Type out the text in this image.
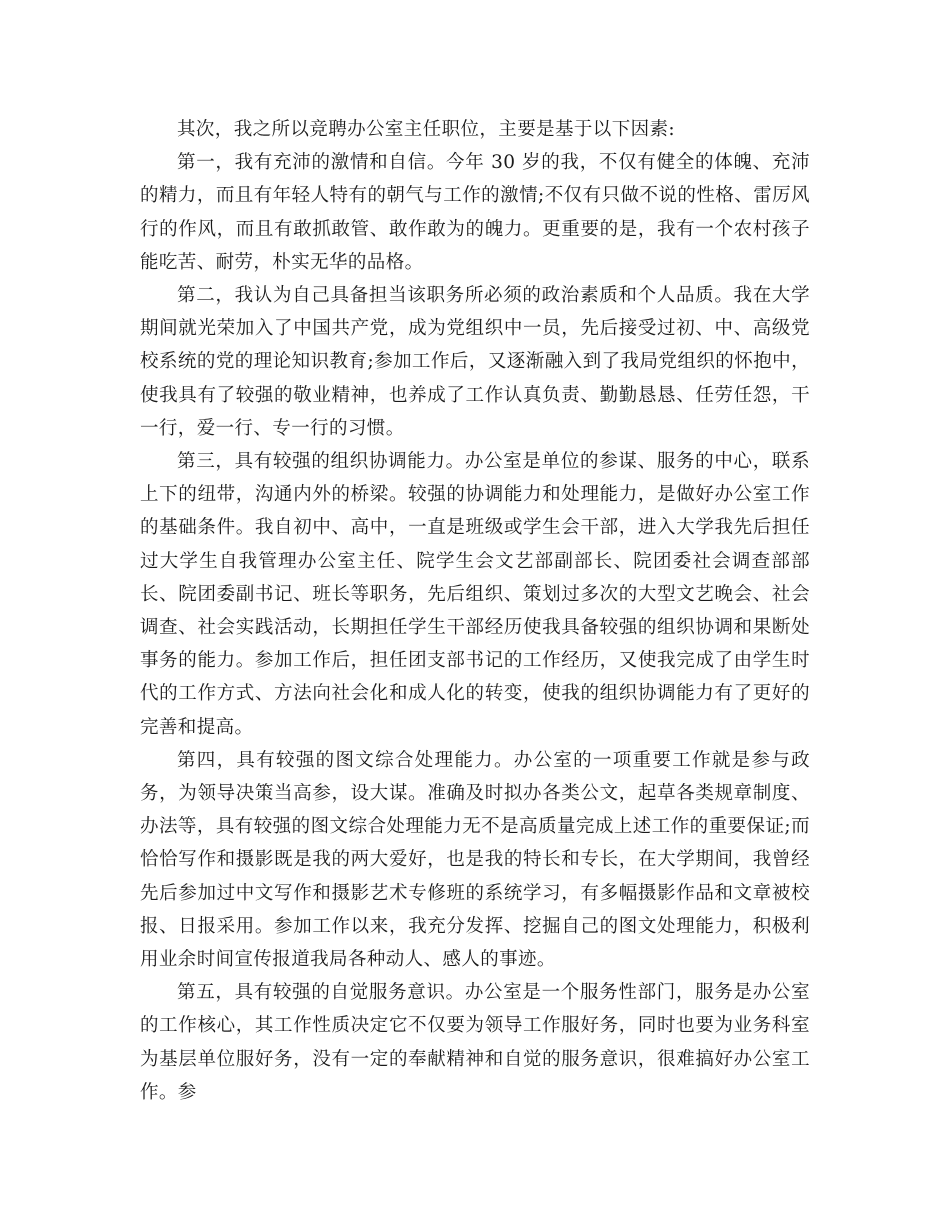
其次，我之所以竞聘办公室主任职位，主要是基于以下因素:

第一，我有充沛的激情和自信。今年 30 岁的我，不仅有健全的体魄、充沛的精力，而且有年轻人特有的朝气与工作的激情;不仅有只做不说的性格、雷厉风行的作风，而且有敢抓敢管、敢作敢为的魄力。更重要的是，我有一个农村孩子能吃苦、耐劳，朴实无华的品格。

第二，我认为自己具备担当该职务所必须的政治素质和个人品质。我在大学期间就光荣加入了中国共产党，成为党组织中一员，先后接受过初、中、高级党校系统的党的理论知识教育;参加工作后，又逐渐融入到了我局党组织的怀抱中，使我具有了较强的敬业精神，也养成了工作认真负责、勤勤恳恳、任劳任怨，干一行，爱一行、专一行的习惯。

第三，具有较强的组织协调能力。办公室是单位的参谋、服务的中心，联系上下的纽带，沟通内外的桥梁。较强的协调能力和处理能力，是做好办公室工作的基础条件。我自初中、高中，一直是班级或学生会干部，进入大学我先后担任过大学生自我管理办公室主任、院学生会文艺部副部长、院团委社会调查部部长、院团委副书记、班长等职务，先后组织、策划过多次的大型文艺晚会、社会调查、社会实践活动，长期担任学生干部经历使我具备较强的组织协调和果断处事务的能力。参加工作后，担任团支部书记的工作经历，又使我完成了由学生时代的工作方式、方法向社会化和成人化的转变，使我的组织协调能力有了更好的完善和提高。

第四，具有较强的图文综合处理能力。办公室的一项重要工作就是参与政务，为领导决策当高参，设大谋。准确及时拟办各类公文，起草各类规章制度、办法等，具有较强的图文综合处理能力无不是高质量完成上述工作的重要保证;而恰恰写作和摄影既是我的两大爱好，也是我的特长和专长，在大学期间，我曾经先后参加过中文写作和摄影艺术专修班的系统学习，有多幅摄影作品和文章被校报、日报采用。参加工作以来，我充分发挥、挖掘自己的图文处理能力，积极利用业余时间宣传报道我局各种动人、感人的事迹。

第五，具有较强的自觉服务意识。办公室是一个服务性部门，服务是办公室的工作核心，其工作性质决定它不仅要为领导工作服好务，同时也要为业务科室为基层单位服好务，没有一定的奉献精神和自觉的服务意识，很难搞好办公室工作。参
